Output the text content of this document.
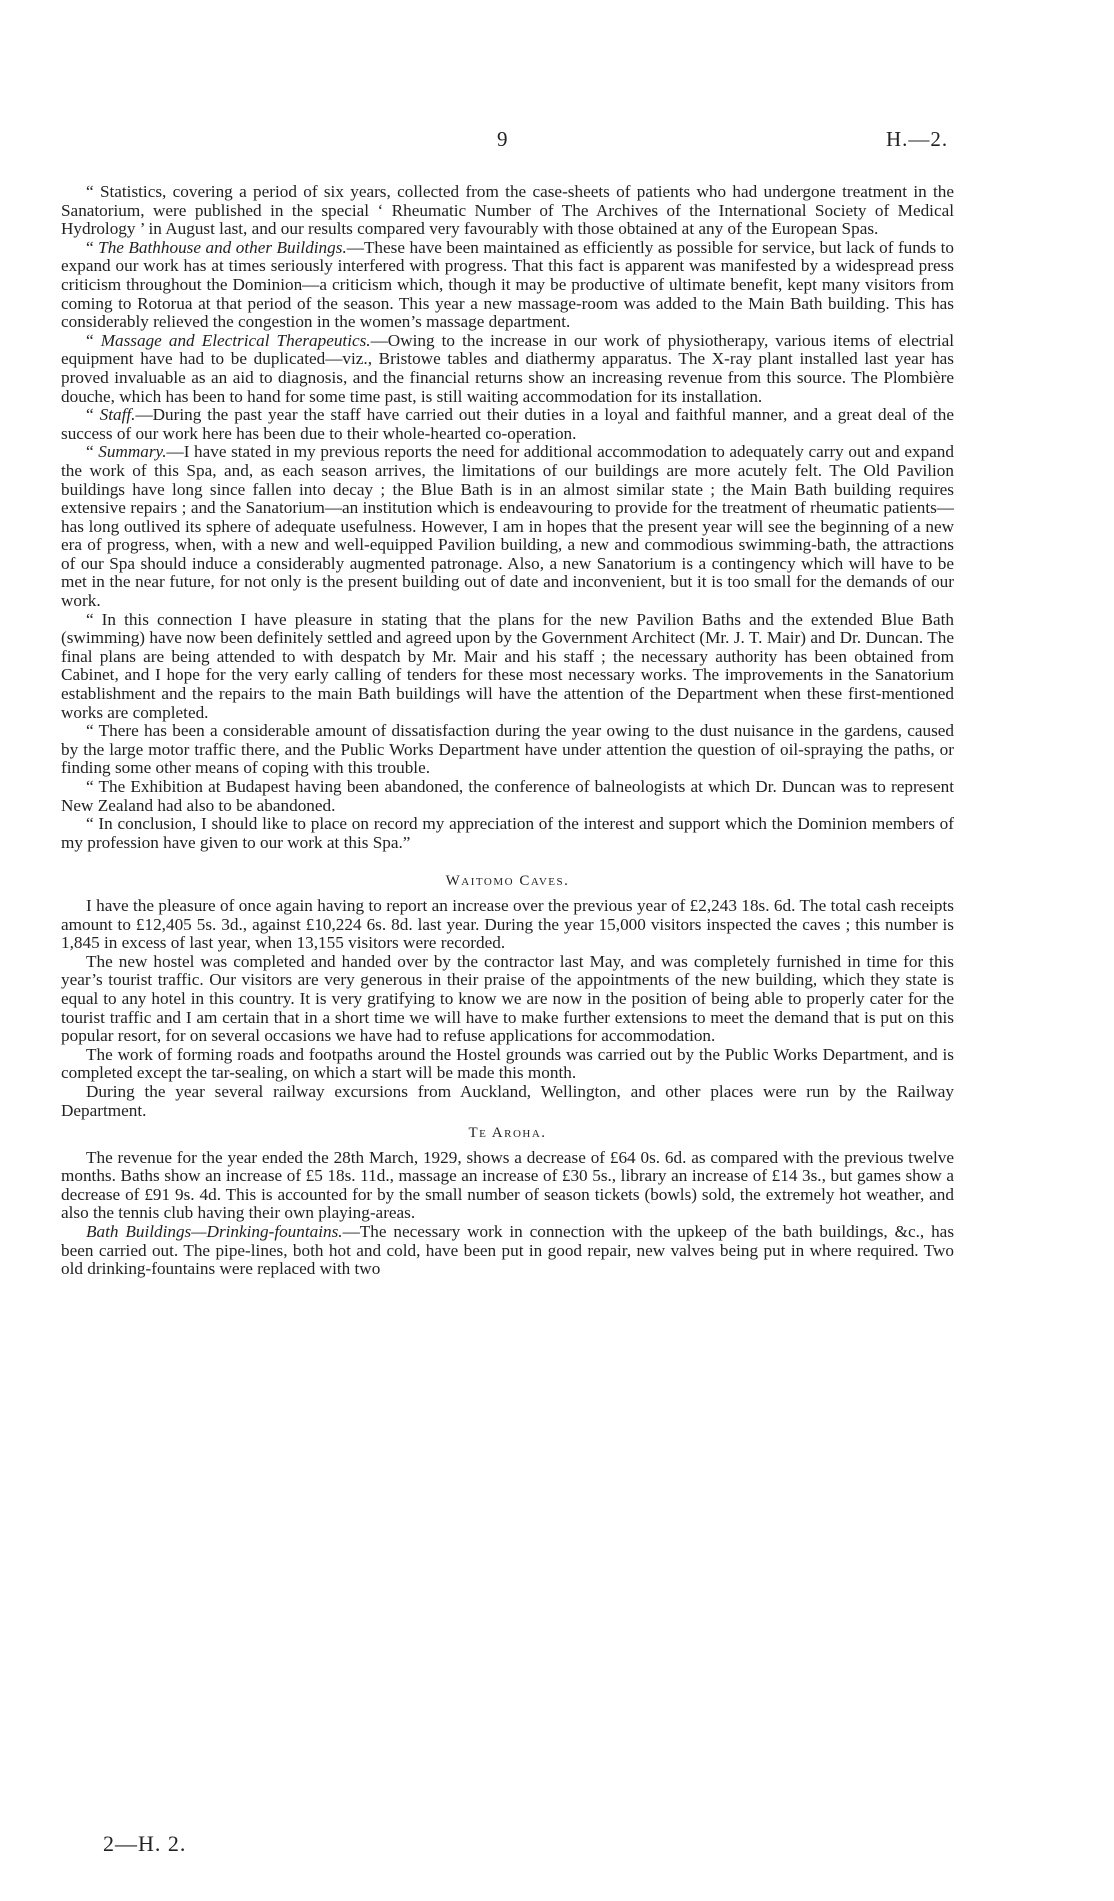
9	H.—2.

“ Statistics, covering a period of six years, collected from the case-sheets of patients who had undergone treatment in the Sanatorium, were published in the special ‘ Rheumatic Number of The Archives of the International Society of Medical Hydrology ’ in August last, and our results compared very favourably with those obtained at any of the European Spas.

“ The Bathhouse and other Buildings.—These have been maintained as efficiently as possible for service, but lack of funds to expand our work has at times seriously interfered with progress. That this fact is apparent was manifested by a widespread press criticism throughout the Dominion—a criticism which, though it may be productive of ultimate benefit, kept many visitors from coming to Rotorua at that period of the season. This year a new massage-room was added to the Main Bath building. This has considerably relieved the congestion in the women’s massage department.

“ Massage and Electrical Therapeutics.—Owing to the increase in our work of physiotherapy, various items of electrial equipment have had to be duplicated—viz., Bristowe tables and diathermy apparatus. The X-ray plant installed last year has proved invaluable as an aid to diagnosis, and the financial returns show an increasing revenue from this source. The Plombière douche, which has been to hand for some time past, is still waiting accommodation for its installation.

“ Staff.—During the past year the staff have carried out their duties in a loyal and faithful manner, and a great deal of the success of our work here has been due to their whole-hearted co-operation.

“ Summary.—I have stated in my previous reports the need for additional accommodation to adequately carry out and expand the work of this Spa, and, as each season arrives, the limitations of our buildings are more acutely felt. The Old Pavilion buildings have long since fallen into decay ; the Blue Bath is in an almost similar state ; the Main Bath building requires extensive repairs ; and the Sanatorium—an institution which is endeavouring to provide for the treatment of rheumatic patients—has long outlived its sphere of adequate usefulness. However, I am in hopes that the present year will see the beginning of a new era of progress, when, with a new and well-equipped Pavilion building, a new and commodious swimming-bath, the attractions of our Spa should induce a considerably augmented patronage. Also, a new Sanatorium is a contingency which will have to be met in the near future, for not only is the present building out of date and inconvenient, but it is too small for the demands of our work.

“ In this connection I have pleasure in stating that the plans for the new Pavilion Baths and the extended Blue Bath (swimming) have now been definitely settled and agreed upon by the Government Architect (Mr. J. T. Mair) and Dr. Duncan. The final plans are being attended to with despatch by Mr. Mair and his staff ; the necessary authority has been obtained from Cabinet, and I hope for the very early calling of tenders for these most necessary works. The improvements in the Sanatorium establishment and the repairs to the main Bath buildings will have the attention of the Department when these first-mentioned works are completed.

“ There has been a considerable amount of dissatisfaction during the year owing to the dust nuisance in the gardens, caused by the large motor traffic there, and the Public Works Department have under attention the question of oil-spraying the paths, or finding some other means of coping with this trouble.

“ The Exhibition at Budapest having been abandoned, the conference of balneologists at which Dr. Duncan was to represent New Zealand had also to be abandoned.

“ In conclusion, I should like to place on record my appreciation of the interest and support which the Dominion members of my profession have given to our work at this Spa.”

Waitomo Caves.

I have the pleasure of once again having to report an increase over the previous year of £2,243 18s. 6d. The total cash receipts amount to £12,405 5s. 3d., against £10,224 6s. 8d. last year. During the year 15,000 visitors inspected the caves ; this number is 1,845 in excess of last year, when 13,155 visitors were recorded.

The new hostel was completed and handed over by the contractor last May, and was completely furnished in time for this year’s tourist traffic. Our visitors are very generous in their praise of the appointments of the new building, which they state is equal to any hotel in this country. It is very gratifying to know we are now in the position of being able to properly cater for the tourist traffic and I am certain that in a short time we will have to make further extensions to meet the demand that is put on this popular resort, for on several occasions we have had to refuse applications for accommodation.

The work of forming roads and footpaths around the Hostel grounds was carried out by the Public Works Department, and is completed except the tar-sealing, on which a start will be made this month.

During the year several railway excursions from Auckland, Wellington, and other places were run by the Railway Department.

Te Aroha.

The revenue for the year ended the 28th March, 1929, shows a decrease of £64 0s. 6d. as compared with the previous twelve months. Baths show an increase of £5 18s. 11d., massage an increase of £30 5s., library an increase of £14 3s., but games show a decrease of £91 9s. 4d. This is accounted for by the small number of season tickets (bowls) sold, the extremely hot weather, and also the tennis club having their own playing-areas.

Bath Buildings—Drinking-fountains.—The necessary work in connection with the upkeep of the bath buildings, &c., has been carried out. The pipe-lines, both hot and cold, have been put in good repair, new valves being put in where required. Two old drinking-fountains were replaced with two

2—H. 2.
